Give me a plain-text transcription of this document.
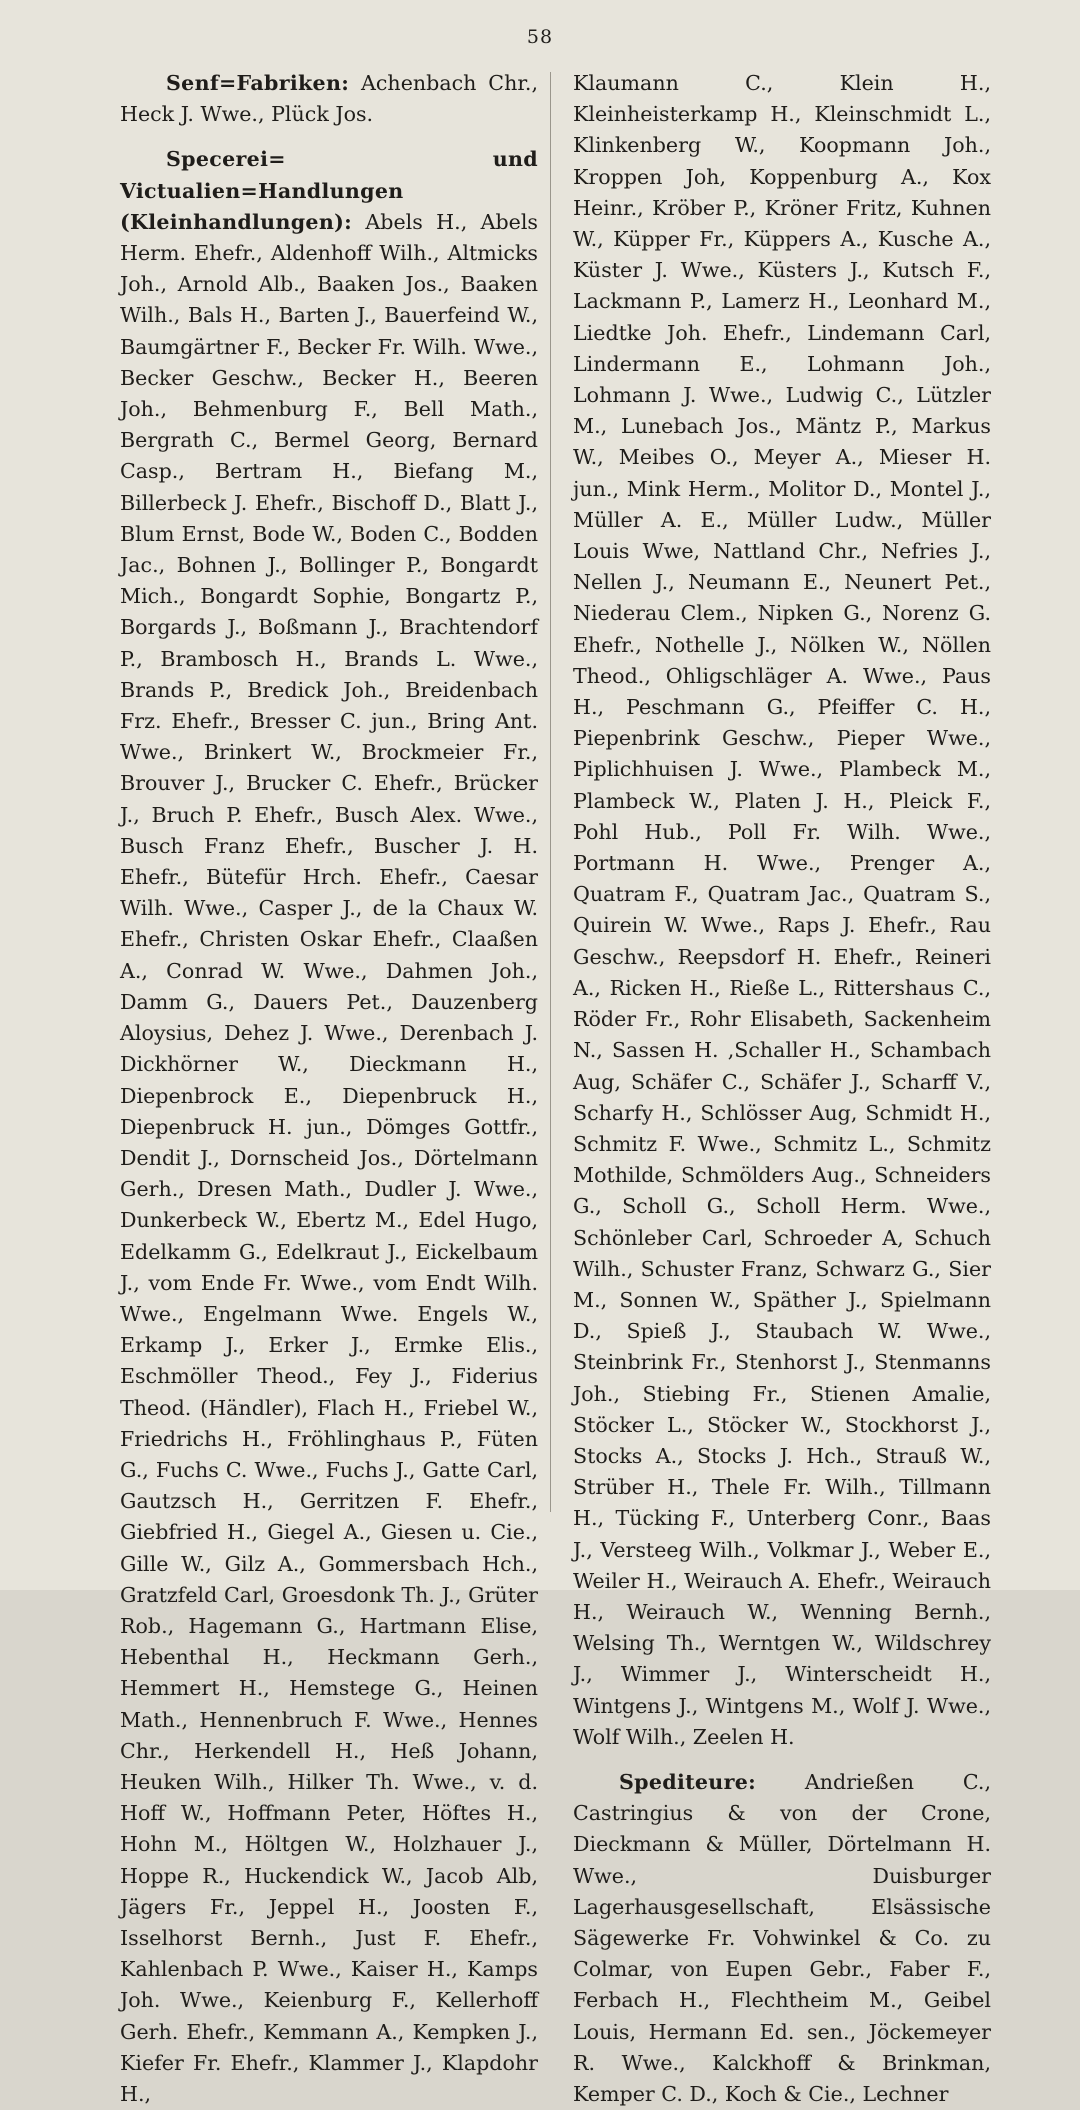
58

Senf=Fabriken: Achenbach Chr., Heck J. Wwe., Plück Jos.

Specerei= und Victualien=Handlungen (Kleinhandlungen): Abels H., Abels Herm. Ehefr., Aldenhoff Wilh., Altmicks Joh., Arnold Alb., Baaken Jos., Baaken Wilh., Bals H., Barten J., Bauerfeind W., Baumgärtner F., Becker Fr. Wilh. Wwe., Becker Geschw., Becker H., Beeren Joh., Behmenburg F., Bell Math., Bergrath C., Bermel Georg, Bernard Casp., Bertram H., Biefang M., Billerbeck J. Ehefr., Bischoff D., Blatt J., Blum Ernst, Bode W., Boden C., Bodden Jac., Bohnen J., Bollinger P., Bongardt Mich., Bongardt Sophie, Bongartz P., Borgards J., Boßmann J., Brachtendorf P., Brambosch H., Brands L. Wwe., Brands P., Bredick Joh., Breidenbach Frz. Ehefr., Bresser C. jun., Bring Ant. Wwe., Brinkert W., Brockmeier Fr., Brouver J., Brucker C. Ehefr., Brücker J., Bruch P. Ehefr., Busch Alex. Wwe., Busch Franz Ehefr., Buscher J. H. Ehefr., Bütefür Hrch. Ehefr., Caesar Wilh. Wwe., Casper J., de la Chaux W. Ehefr., Christen Oskar Ehefr., Claaßen A., Conrad W. Wwe., Dahmen Joh., Damm G., Dauers Pet., Dauzenberg Aloysius, Dehez J. Wwe., Derenbach J. Dickhörner W., Dieckmann H., Diepenbrock E., Diepenbruck H., Diepenbruck H. jun., Dömges Gottfr., Dendit J., Dornscheid Jos., Dörtelmann Gerh., Dresen Math., Dudler J. Wwe., Dunkerbeck W., Ebertz M., Edel Hugo, Edelkamm G., Edelkraut J., Eickelbaum J., vom Ende Fr. Wwe., vom Endt Wilh. Wwe., Engelmann Wwe. Engels W., Erkamp J., Erker J., Ermke Elis., Eschmöller Theod., Fey J., Fiderius Theod. (Händler), Flach H., Friebel W., Friedrichs H., Fröhlinghaus P., Füten G., Fuchs C. Wwe., Fuchs J., Gatte Carl, Gautzsch H., Gerritzen F. Ehefr., Giebfried H., Giegel A., Giesen u. Cie., Gille W., Gilz A., Gommersbach Hch., Gratzfeld Carl, Groesdonk Th. J., Grüter Rob., Hagemann G., Hartmann Elise, Hebenthal H., Heckmann Gerh., Hemmert H., Hemstege G., Heinen Math., Hennenbruch F. Wwe., Hennes Chr., Herkendell H., Heß Johann, Heuken Wilh., Hilker Th. Wwe., v. d. Hoff W., Hoffmann Peter, Höftes H., Hohn M., Höltgen W., Holzhauer J., Hoppe R., Huckendick W., Jacob Alb, Jägers Fr., Jeppel H., Joosten F., Isselhorst Bernh., Just F. Ehefr., Kahlenbach P. Wwe., Kaiser H., Kamps Joh. Wwe., Keienburg F., Kellerhoff Gerh. Ehefr., Kemmann A., Kempken J., Kiefer Fr. Ehefr., Klammer J., Klapdohr H.,

Klaumann C., Klein H., Kleinheisterkamp H., Kleinschmidt L., Klinkenberg W., Koopmann Joh., Kroppen Joh, Koppenburg A., Kox Heinr., Kröber P., Kröner Fritz, Kuhnen W., Küpper Fr., Küppers A., Kusche A., Küster J. Wwe., Küsters J., Kutsch F., Lackmann P., Lamerz H., Leonhard M., Liedtke Joh. Ehefr., Lindemann Carl, Lindermann E., Lohmann Joh., Lohmann J. Wwe., Ludwig C., Lützler M., Lunebach Jos., Mäntz P., Markus W., Meibes O., Meyer A., Mieser H. jun., Mink Herm., Molitor D., Montel J., Müller A. E., Müller Ludw., Müller Louis Wwe, Nattland Chr., Nefries J., Nellen J., Neumann E., Neunert Pet., Niederau Clem., Nipken G., Norenz G. Ehefr., Nothelle J., Nölken W., Nöllen Theod., Ohligschläger A. Wwe., Paus H., Peschmann G., Pfeiffer C. H., Piepenbrink Geschw., Pieper Wwe., Piplichhuisen J. Wwe., Plambeck M., Plambeck W., Platen J. H., Pleick F., Pohl Hub., Poll Fr. Wilh. Wwe., Portmann H. Wwe., Prenger A., Quatram F., Quatram Jac., Quatram S., Quirein W. Wwe., Raps J. Ehefr., Rau Geschw., Reepsdorf H. Ehefr., Reineri A., Ricken H., Rieße L., Rittershaus C., Röder Fr., Rohr Elisabeth, Sackenheim N., Sassen H. ,Schaller H., Schambach Aug, Schäfer C., Schäfer J., Scharff V., Scharfy H., Schlösser Aug, Schmidt H., Schmitz F. Wwe., Schmitz L., Schmitz Mothilde, Schmölders Aug., Schneiders G., Scholl G., Scholl Herm. Wwe., Schönleber Carl, Schroeder A, Schuch Wilh., Schuster Franz, Schwarz G., Sier M., Sonnen W., Späther J., Spielmann D., Spieß J., Staubach W. Wwe., Steinbrink Fr., Stenhorst J., Stenmanns Joh., Stiebing Fr., Stienen Amalie, Stöcker L., Stöcker W., Stockhorst J., Stocks A., Stocks J. Hch., Strauß W., Strüber H., Thele Fr. Wilh., Tillmann H., Tücking F., Unterberg Conr., Baas J., Versteeg Wilh., Volkmar J., Weber E., Weiler H., Weirauch A. Ehefr., Weirauch H., Weirauch W., Wenning Bernh., Welsing Th., Werntgen W., Wildschrey J., Wimmer J., Winterscheidt H., Wintgens J., Wintgens M., Wolf J. Wwe., Wolf Wilh., Zeelen H.

Spediteure: Andrießen C., Castringius & von der Crone, Dieckmann & Müller, Dörtelmann H. Wwe., Duisburger Lagerhausgesellschaft, Elsässische Sägewerke Fr. Vohwinkel & Co. zu Colmar, von Eupen Gebr., Faber F., Ferbach H., Flechtheim M., Geibel Louis, Hermann Ed. sen., Jöckemeyer R. Wwe., Kalckhoff & Brinkman, Kemper C. D., Koch & Cie., Lechner
